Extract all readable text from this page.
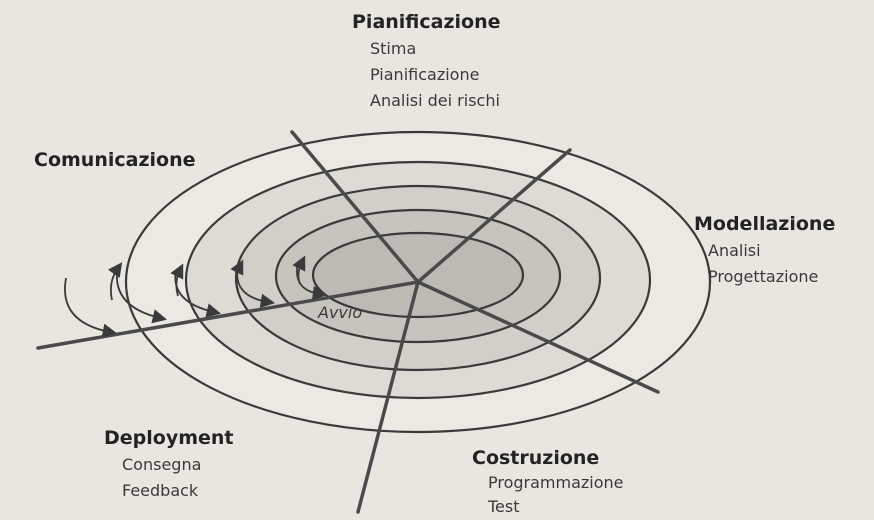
Avvio
Pianificazione
Stima
Pianificazione
Analisi dei rischi
Comunicazione
Modellazione
Analisi
Progettazione
Deployment
Consegna
Feedback
Costruzione
Programmazione
Test
